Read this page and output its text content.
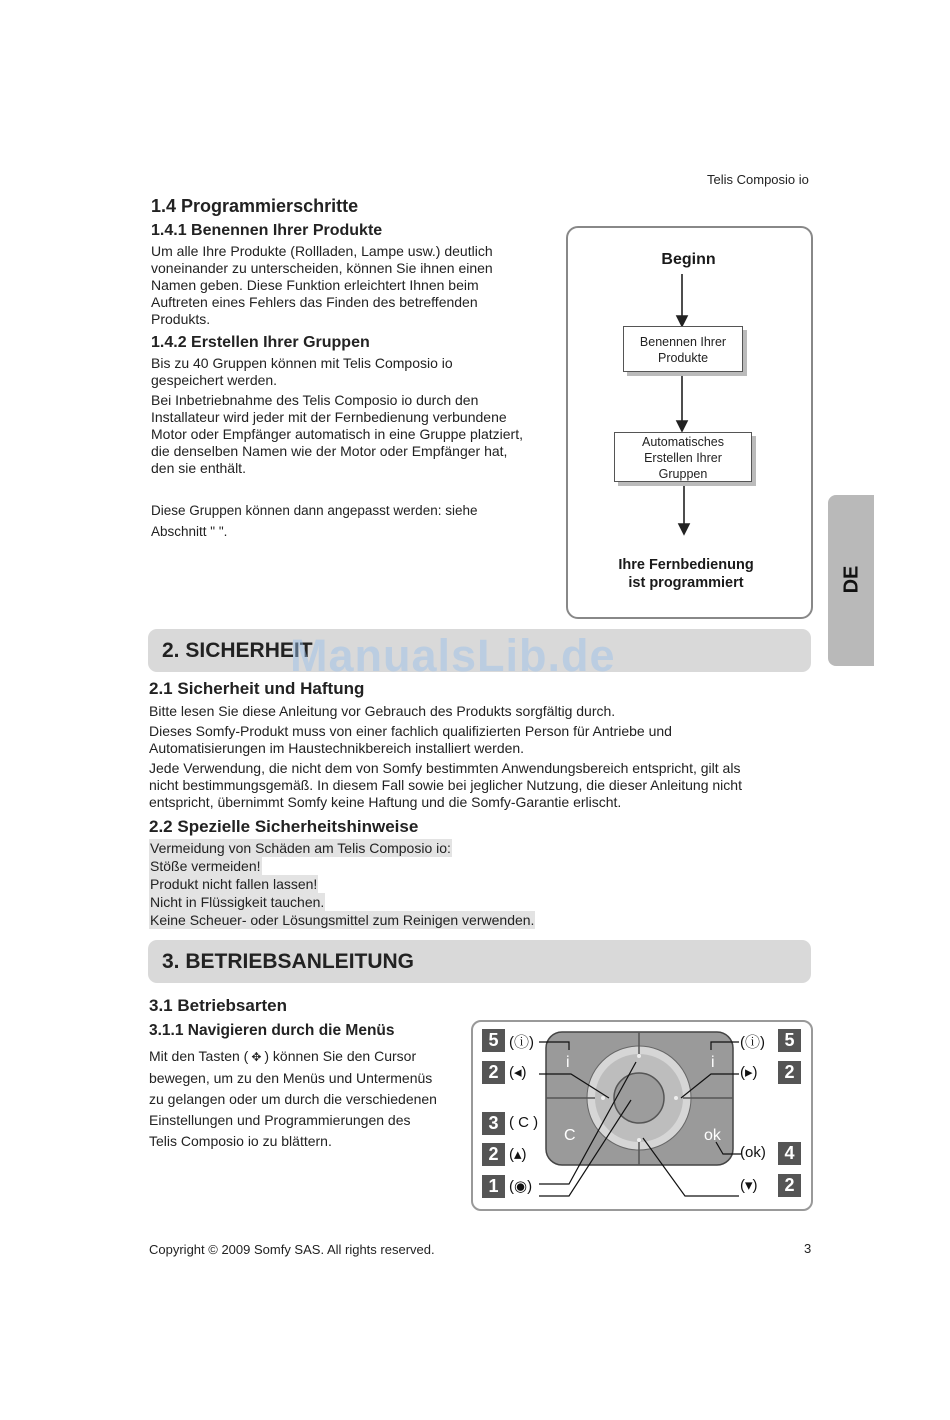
Telis Composio io
1.4 Programmierschritte
1.4.1 Benennen Ihrer Produkte
Um alle Ihre Produkte (Rollladen, Lampe usw.) deutlich
voneinander zu unterscheiden, können Sie ihnen einen
Namen geben. Diese Funktion erleichtert Ihnen beim
Auftreten eines Fehlers das Finden des betreffenden
Produkts.
1.4.2 Erstellen Ihrer Gruppen
Bis zu 40 Gruppen können mit Telis Composio io
gespeichert werden.
Bei Inbetriebnahme des Telis Composio io durch den
Installateur wird jeder mit der Fernbedienung verbundene
Motor oder Empfänger automatisch in eine Gruppe platziert,
die denselben Namen wie der Motor oder Empfänger hat,
den sie enthält.
Diese Gruppen können dann angepasst werden: siehe
Abschnitt " ".
Beginn
Benennen Ihrer
Produkte
Automatisches
Erstellen Ihrer
Gruppen
Ihre Fernbedienung
ist programmiert	DE
2. SICHERHEIT
ManualsLib.de
2.1 Sicherheit und Haftung
Bitte lesen Sie diese Anleitung vor Gebrauch des Produkts sorgfältig durch.
Dieses Somfy-Produkt muss von einer fachlich qualifizierten Person für Antriebe und
Automatisierungen im Haustechnikbereich installiert werden.
Jede Verwendung, die nicht dem von Somfy bestimmten Anwendungsbereich entspricht, gilt als
nicht bestimmungsgemäß. In diesem Fall sowie bei jeglicher Nutzung, die dieser Anleitung nicht
entspricht, übernimmt Somfy keine Haftung und die Somfy-Garantie erlischt.
2.2 Spezielle Sicherheitshinweise
Vermeidung von Schäden am Telis Composio io:
Stöße vermeiden!
Produkt nicht fallen lassen!
Nicht in Flüssigkeit tauchen.
Keine Scheuer- oder Lösungsmittel zum Reinigen verwenden.
3. BETRIEBSANLEITUNG
3.1 Betriebsarten
3.1.1 Navigieren durch die Menüs
Mit den Tasten ( ✥ ) können Sie den Cursor
bewegen, um zu den Menüs und Untermenüs
zu gelangen oder um durch die verschiedenen
Einstellungen und Programmierungen des
Telis Composio io zu blättern.
i	i
C	ok
5 (ⓘ)
2 (◂)
3 ( C )
2 (▴)
1 (◉)
5
(ⓘ)
2
(▸)
4
(ok)
2
(▾)
Copyright © 2009 Somfy SAS. All rights reserved.	3
